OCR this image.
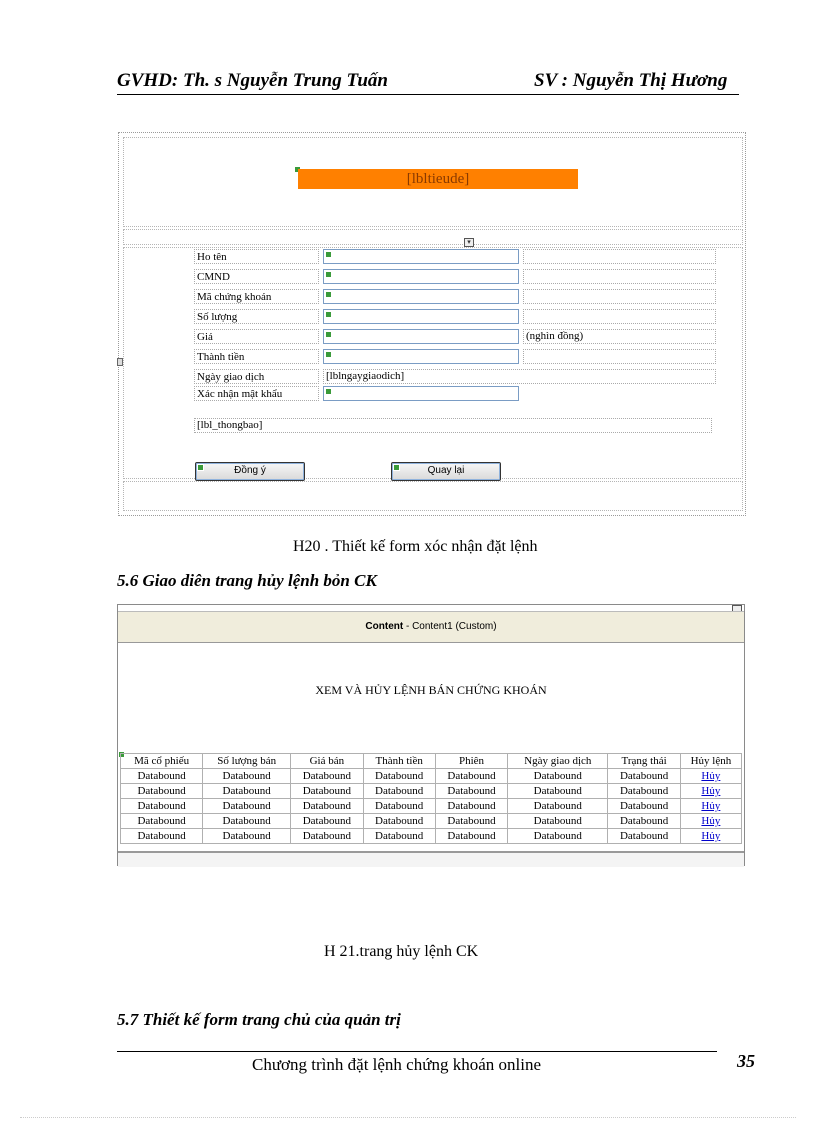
GVHD: Th. s Nguyễn Trung Tuấn	SV : Nguyễn Thị Hương
[lbltieude]
▾
Ho tên
CMND
Mã chứng khoán
Số lượng
Giá	(nghìn đồng)
Thành tiền
Ngày giao dịch	[lblngaygiaodich]
Xác nhận mật khẩu
[lbl_thongbao]
Đồng ý	Quay lại
H20 . Thiết kế form xóc nhận đặt lệnh
5.6 Giao diên trang hủy lệnh bỏn CK
Content - Content1 (Custom)
XEM VÀ HỦY LỆNH BÁN CHỨNG KHOÁN
Mã cổ phiếu	Số lượng bán	Giá bán	Thành tiền	Phiên	Ngày giao dịch	Trạng thái	Hủy lệnh
Databound	Databound	Databound	Databound	Databound	Databound	Databound	Hủy
Databound	Databound	Databound	Databound	Databound	Databound	Databound	Hủy
Databound	Databound	Databound	Databound	Databound	Databound	Databound	Hủy
Databound	Databound	Databound	Databound	Databound	Databound	Databound	Hủy
Databound	Databound	Databound	Databound	Databound	Databound	Databound	Hủy
H 21.trang hủy lệnh CK
5.7 Thiết kế form trang chủ của quản trị
Chương trình đặt lệnh chứng khoán online	35
